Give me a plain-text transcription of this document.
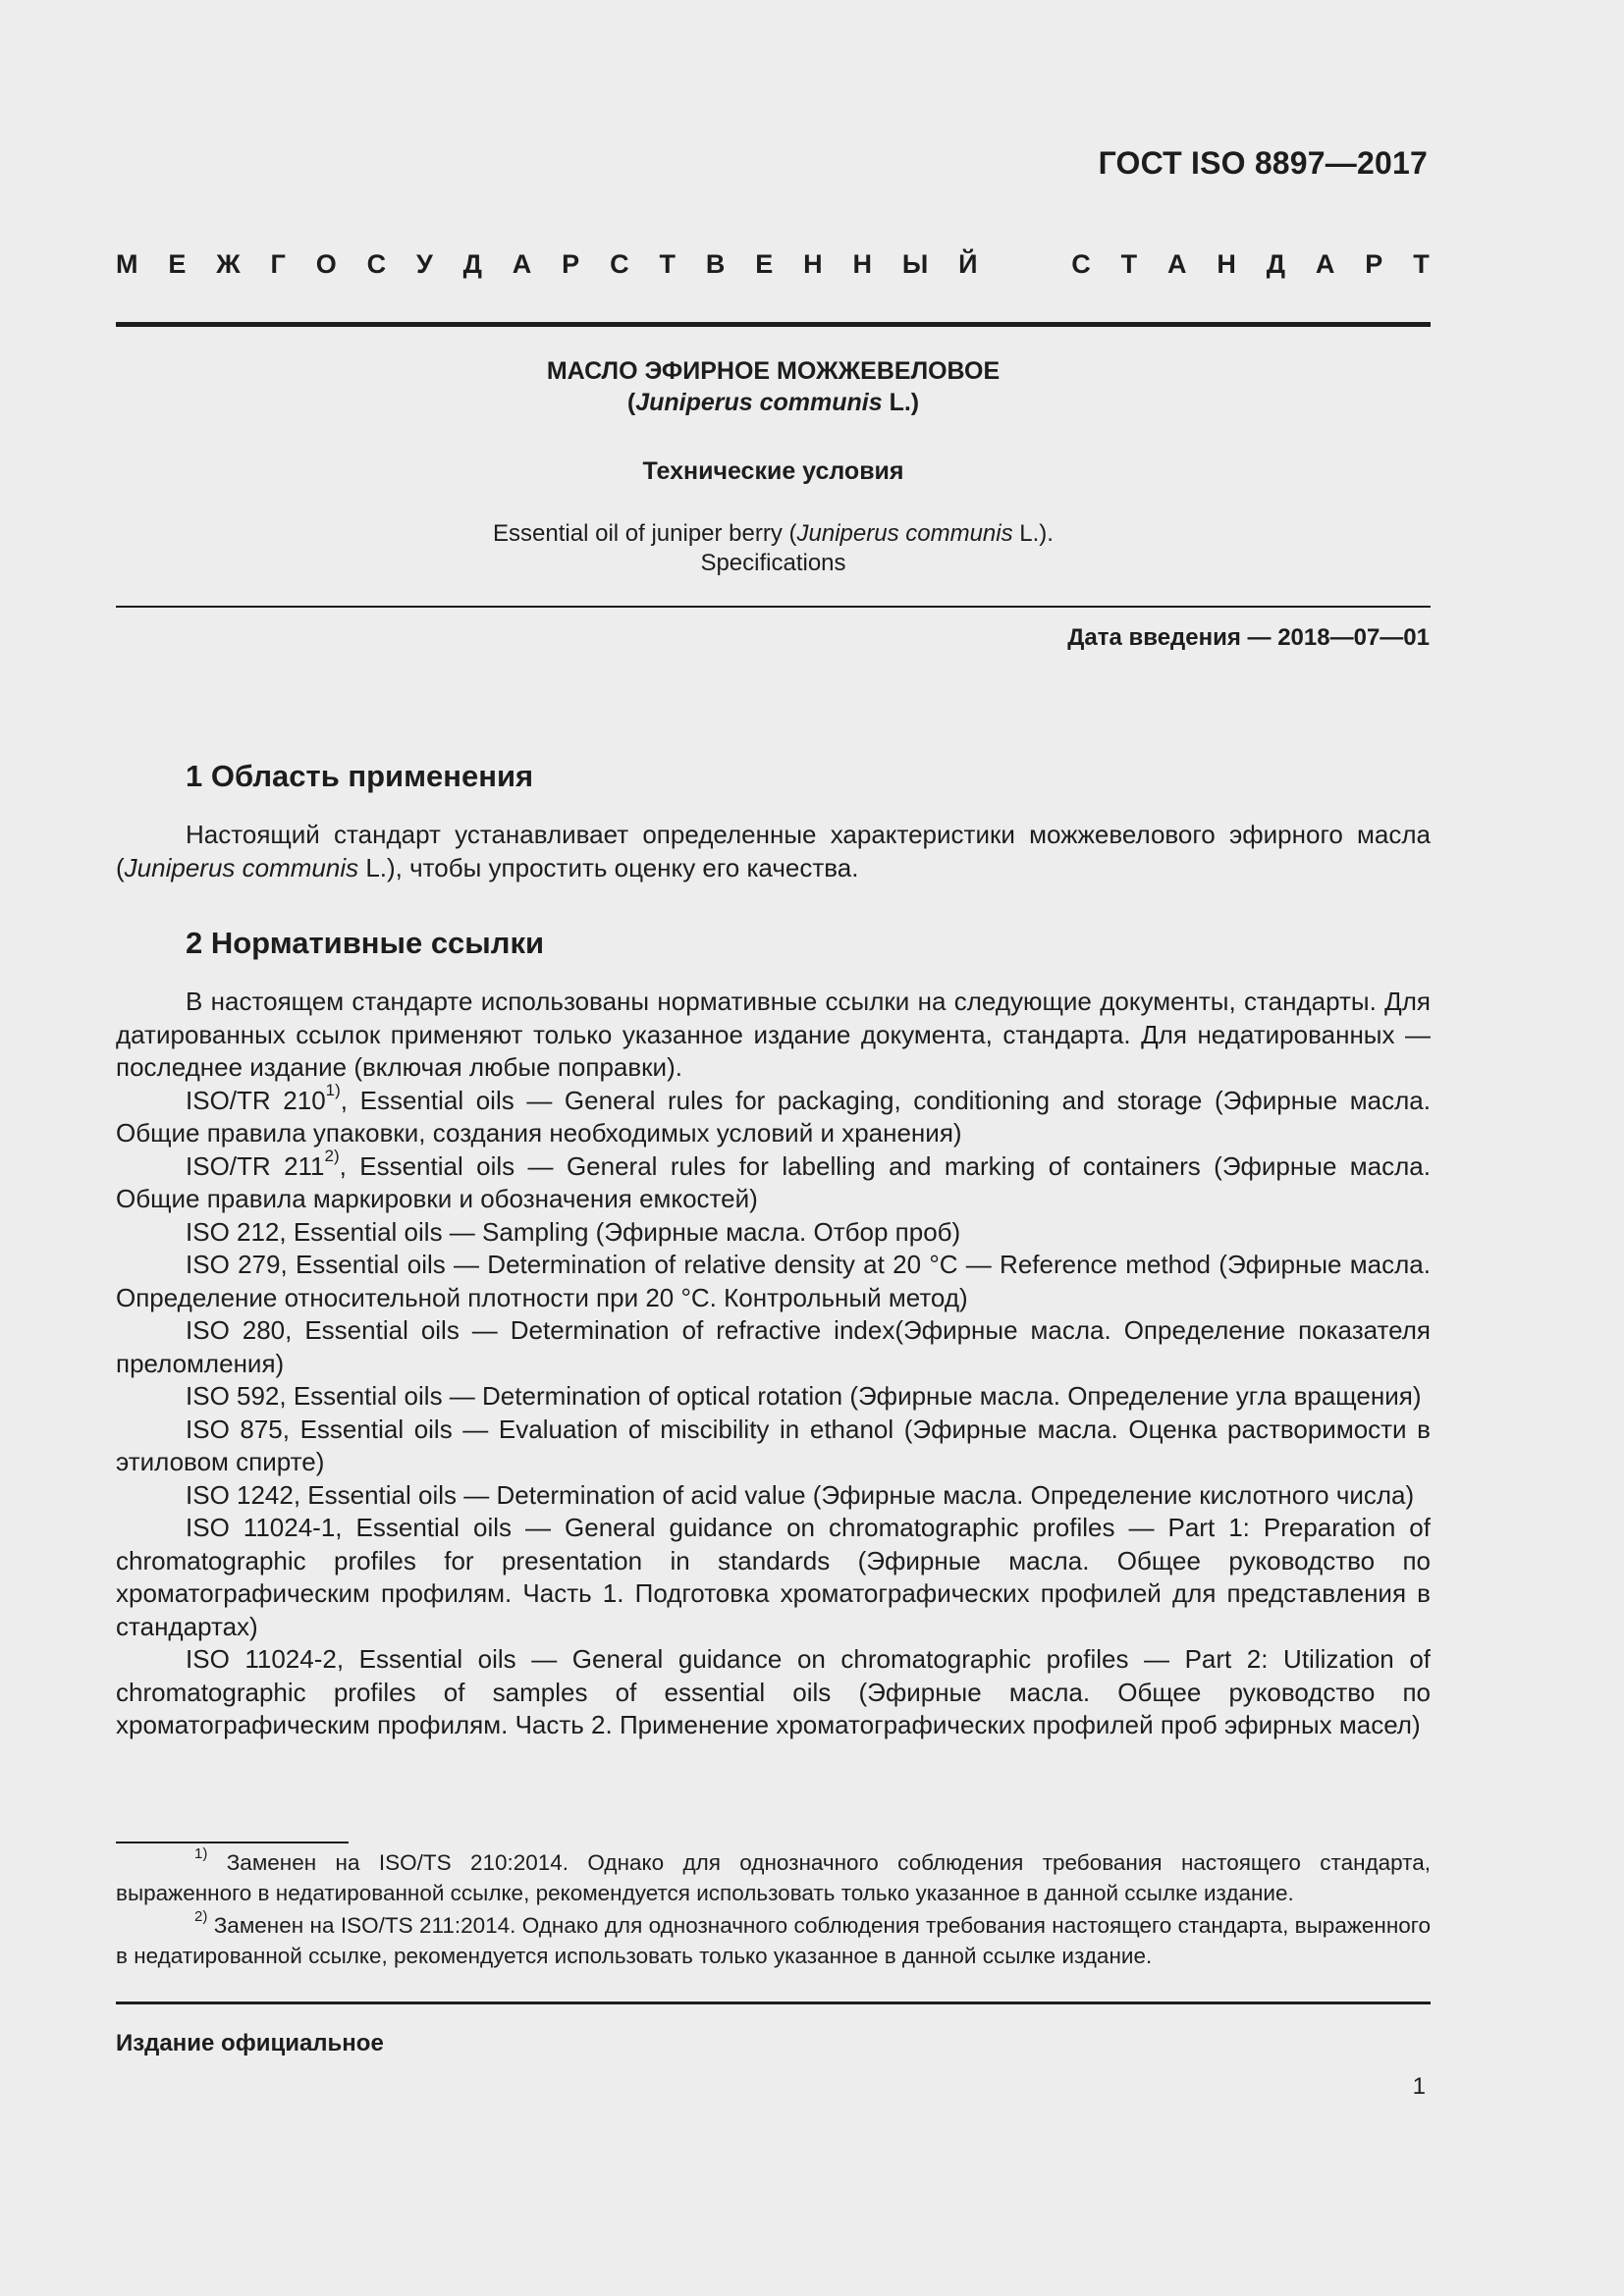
ГОСТ ISO 8897—2017
М Е Ж Г О С У Д А Р С Т В Е Н Н Ы Й	С Т А Н Д А Р Т
МАСЛО ЭФИРНОЕ МОЖЖЕВЕЛОВОЕ
(Juniperus communis L.)
Технические условия
Essential oil of juniper berry (Juniperus communis L.).
Specifications
Дата введения — 2018—07—01
1 Область применения

Настоящий стандарт устанавливает определенные характеристики можжевелового эфирного масла (Juniperus communis L.), чтобы упростить оценку его качества.

2 Нормативные ссылки

В настоящем стандарте использованы нормативные ссылки на следующие документы, стандарты. Для датированных ссылок применяют только указанное издание документа, стандарта. Для недатированных — последнее издание (включая любые поправки).

ISO/TR 210$^{1)}$, Essential oils — General rules for packaging, conditioning and storage (Эфирные масла. Общие правила упаковки, создания необходимых условий и хранения)

ISO/TR 211$^{2)}$, Essential oils — General rules for labelling and marking of containers (Эфирные масла. Общие правила маркировки и обозначения емкостей)

ISO 212, Essential oils — Sampling (Эфирные масла. Отбор проб)

ISO 279, Essential oils — Determination of relative density at 20 °C — Reference method (Эфирные масла. Определение относительной плотности при 20 °C. Контрольный метод)

ISO 280, Essential oils — Determination of refractive index(Эфирные масла. Определение показателя преломления)

ISO 592, Essential oils — Determination of optical rotation (Эфирные масла. Определение угла вращения)

ISO 875, Essential oils — Evaluation of miscibility in ethanol (Эфирные масла. Оценка растворимости в этиловом спирте)

ISO 1242, Essential oils — Determination of acid value (Эфирные масла. Определение кислотного числа)

ISO 11024-1, Essential oils — General guidance on chromatographic profiles — Part 1: Preparation of chromatographic profiles for presentation in standards (Эфирные масла. Общее руководство по хроматографическим профилям. Часть 1. Подготовка хроматографических профилей для представления в стандартах)

ISO 11024-2, Essential oils — General guidance on chromatographic profiles — Part 2: Utilization of chromatographic profiles of samples of essential oils (Эфирные масла. Общее руководство по хроматографическим профилям. Часть 2. Применение хроматографических профилей проб эфирных масел)

$^{1)}$ Заменен на ISO/TS 210:2014. Однако для однозначного соблюдения требования настоящего стандарта, выраженного в недатированной ссылке, рекомендуется использовать только указанное в данной ссылке издание.

$^{2)}$ Заменен на ISO/TS 211:2014. Однако для однозначного соблюдения требования настоящего стандарта, выраженного в недатированной ссылке, рекомендуется использовать только указанное в данной ссылке издание.

Издание официальное
1
